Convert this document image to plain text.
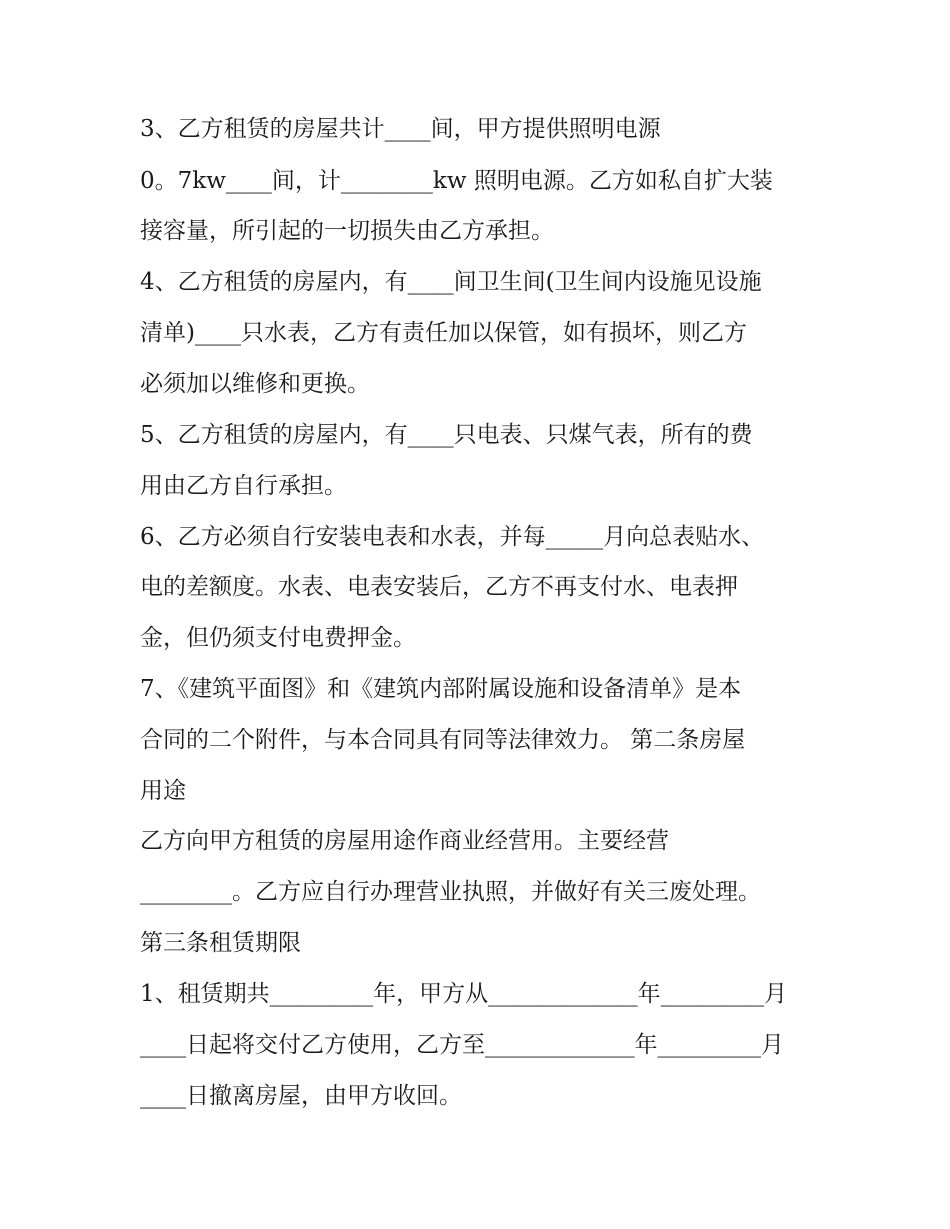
3、乙方租赁的房屋共计____间，甲方提供照明电源
0。7kw____间，计________kw 照明电源。乙方如私自扩大装
接容量，所引起的一切损失由乙方承担。
4、乙方租赁的房屋内，有____间卫生间(卫生间内设施见设施
清单)____只水表，乙方有责任加以保管，如有损坏，则乙方
必须加以维修和更换。
5、乙方租赁的房屋内，有____只电表、只煤气表，所有的费
用由乙方自行承担。
6、乙方必须自行安装电表和水表，并每_____月向总表贴水、
电的差额度。水表、电表安装后，乙方不再支付水、电表押
金，但仍须支付电费押金。
7、《建筑平面图》和《建筑内部附属设施和设备清单》是本
合同的二个附件，与本合同具有同等法律效力。 第二条房屋
用途
乙方向甲方租赁的房屋用途作商业经营用。主要经营
________。乙方应自行办理营业执照，并做好有关三废处理。
第三条租赁期限
1、租赁期共_________年，甲方从_____________年_________月
____日起将交付乙方使用，乙方至_____________年_________月
____日撤离房屋，由甲方收回。
